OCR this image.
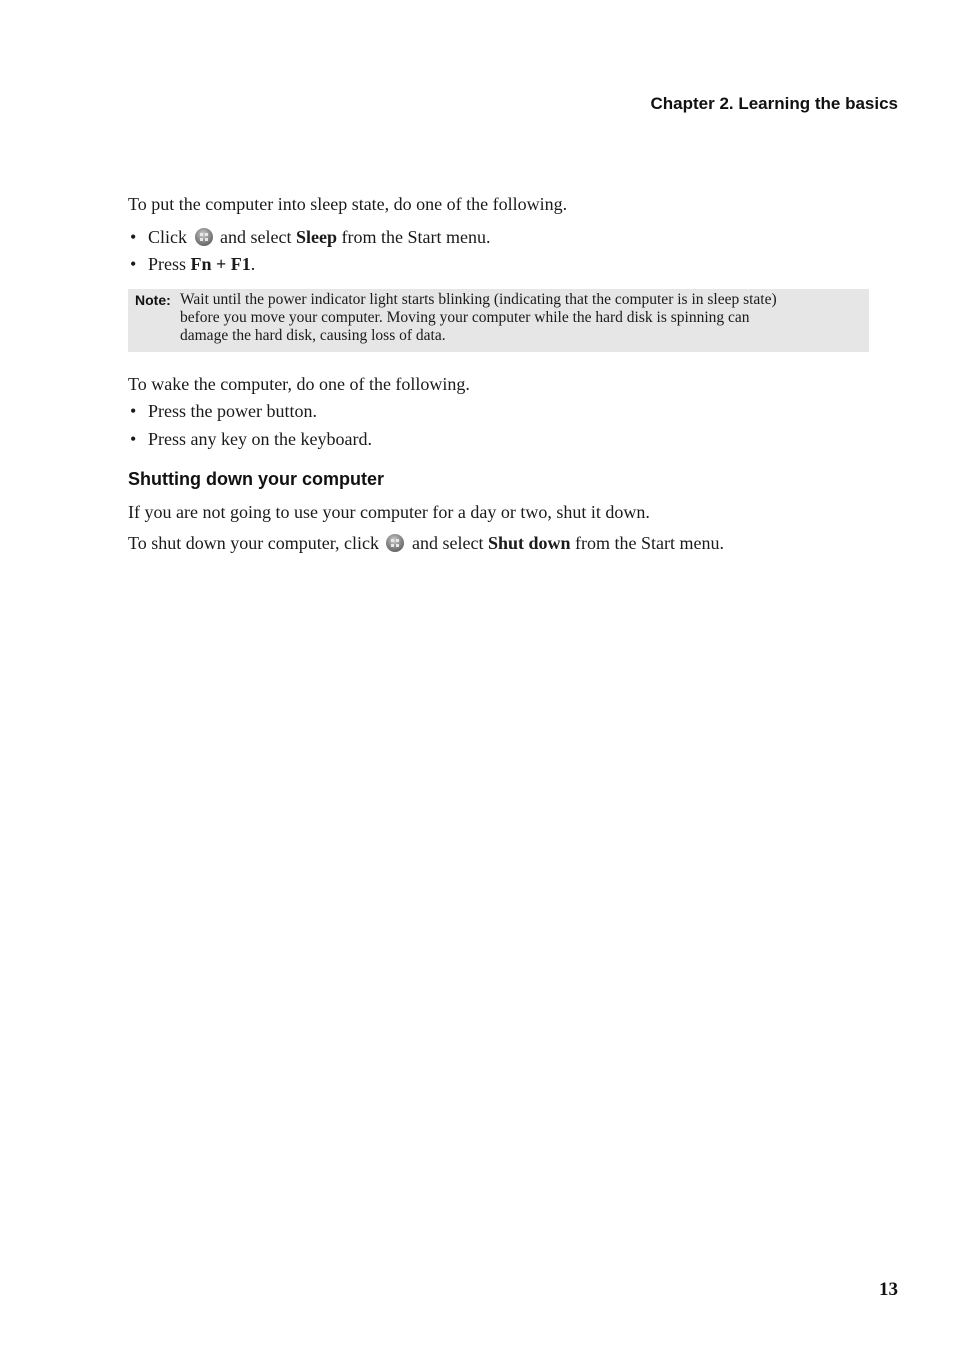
Chapter 2. Learning the basics
To put the computer into sleep state, do one of the following.
• Click and select Sleep from the Start menu.
• Press Fn + F1.
Note: Wait until the power indicator light starts blinking (indicating that the computer is in sleep state)
before you move your computer. Moving your computer while the hard disk is spinning can
damage the hard disk, causing loss of data.
To wake the computer, do one of the following.
• Press the power button.
• Press any key on the keyboard.
Shutting down your computer
If you are not going to use your computer for a day or two, shut it down.
To shut down your computer, click and select Shut down from the Start menu.
13
